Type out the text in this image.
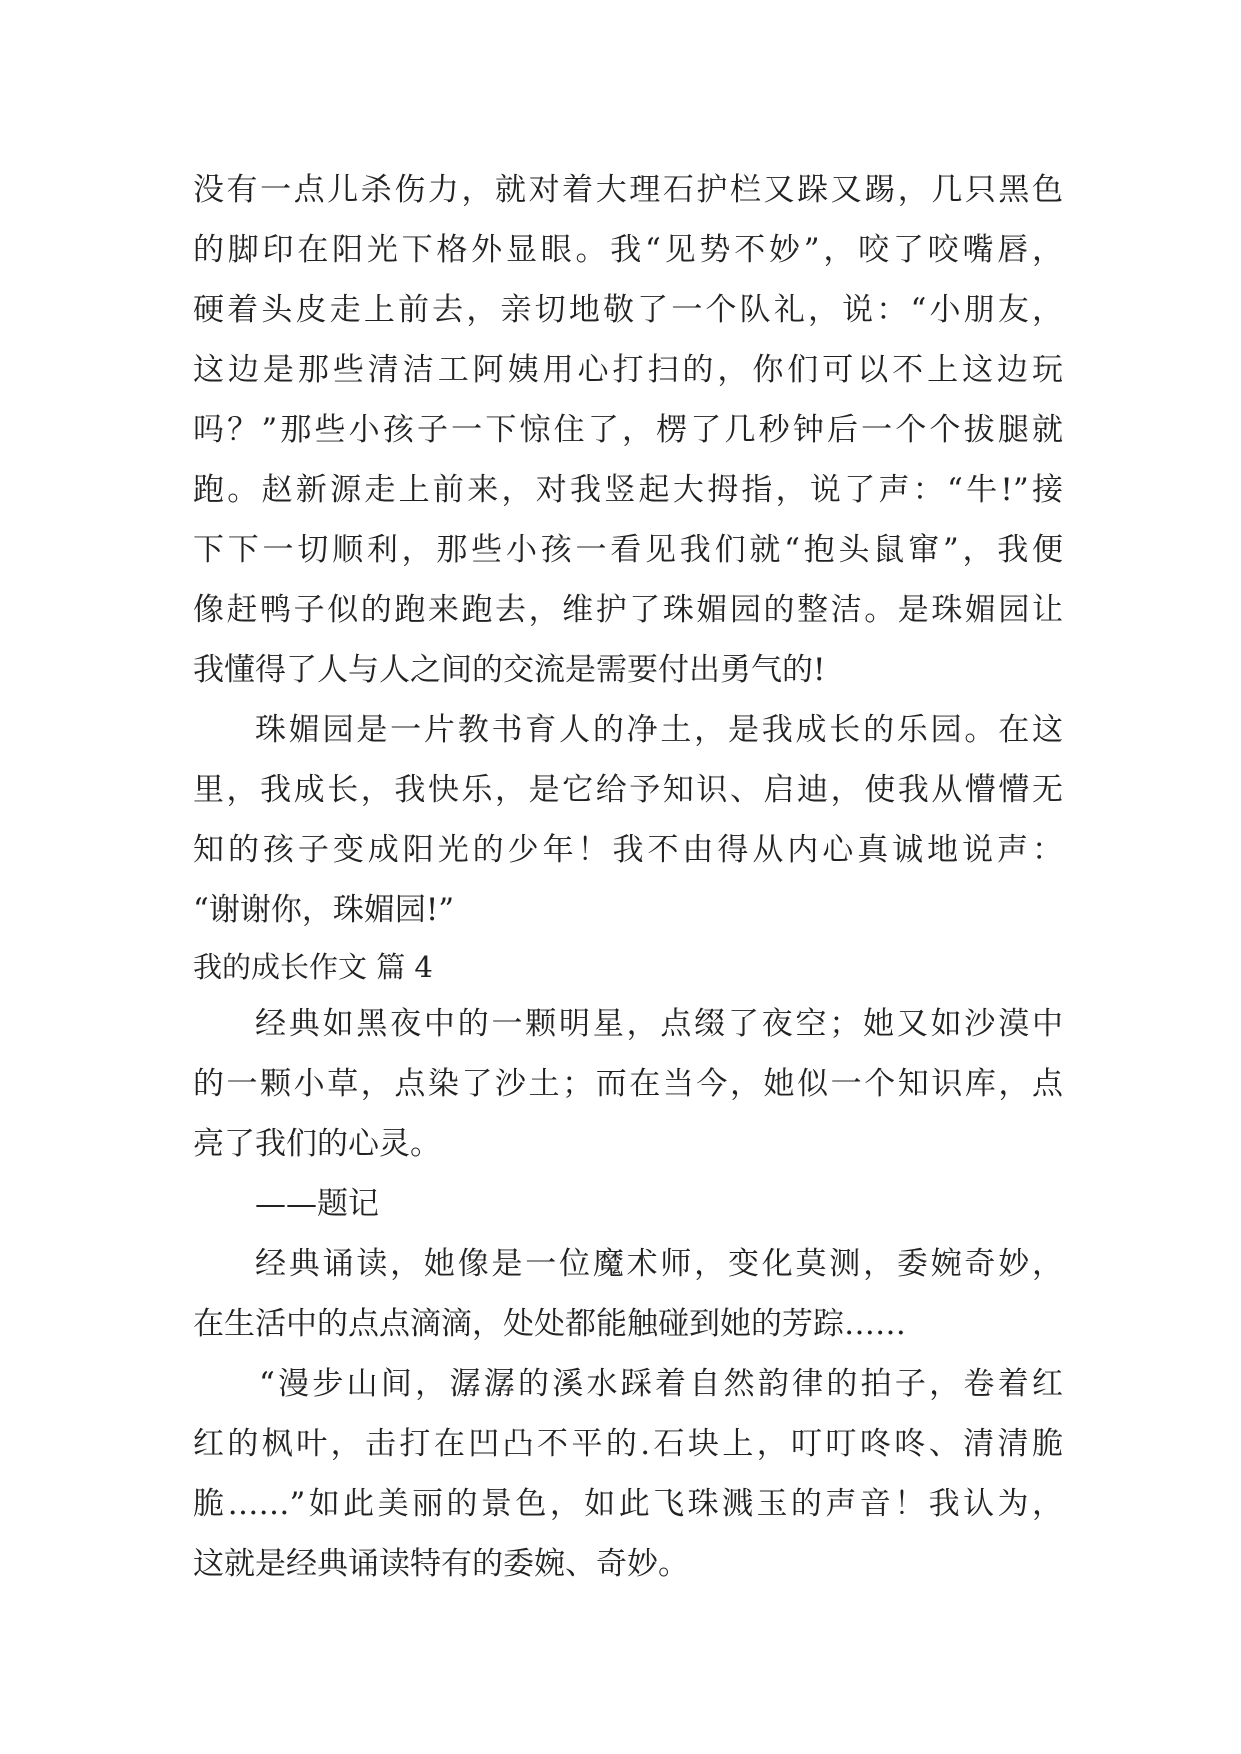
没有一点儿杀伤力，就对着大理石护栏又跺又踢，几只黑色
的脚印在阳光下格外显眼。我“见势不妙”，咬了咬嘴唇，
硬着头皮走上前去，亲切地敬了一个队礼，说：“小朋友，
这边是那些清洁工阿姨用心打扫的，你们可以不上这边玩
吗？”那些小孩子一下惊住了，楞了几秒钟后一个个拔腿就
跑。赵新源走上前来，对我竖起大拇指，说了声：“牛!”接
下下一切顺利，那些小孩一看见我们就“抱头鼠窜”，我便
像赶鸭子似的跑来跑去，维护了珠媚园的整洁。是珠媚园让
我懂得了人与人之间的交流是需要付出勇气的!
珠媚园是一片教书育人的净土，是我成长的乐园。在这
里，我成长，我快乐，是它给予知识、启迪，使我从懵懵无
知的孩子变成阳光的少年！我不由得从内心真诚地说声：
“谢谢你，珠媚园!”
我的成长作文 篇 4
经典如黑夜中的一颗明星，点缀了夜空；她又如沙漠中
的一颗小草，点染了沙土；而在当今，她似一个知识库，点
亮了我们的心灵。
——题记
经典诵读，她像是一位魔术师，变化莫测，委婉奇妙，
在生活中的点点滴滴，处处都能触碰到她的芳踪……
“漫步山间，潺潺的溪水踩着自然韵律的拍子，卷着红
红的枫叶，击打在凹凸不平的.石块上，叮叮咚咚、清清脆
脆……”如此美丽的景色，如此飞珠溅玉的声音！我认为，
这就是经典诵读特有的委婉、奇妙。
